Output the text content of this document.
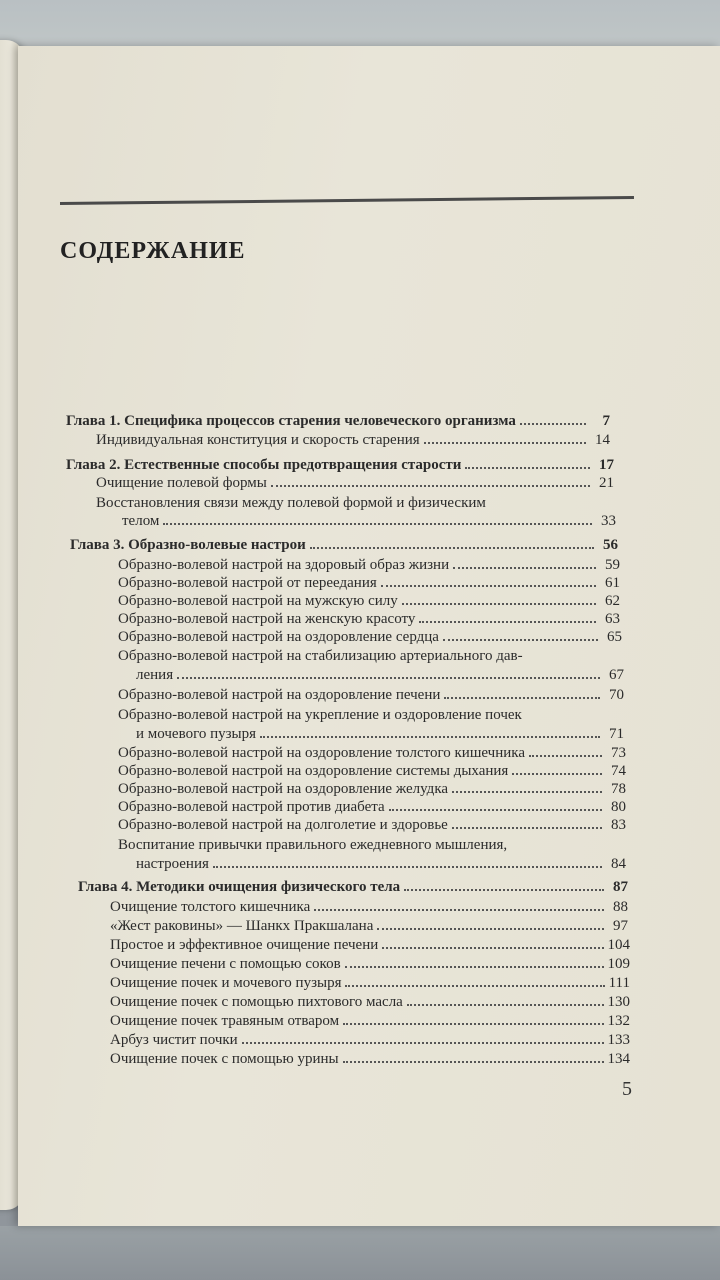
СОДЕРЖАНИЕ
Глава 1. Специфика процессов старения человеческого организма	7
Индивидуальная конституция и скорость старения	14
Глава 2. Естественные способы предотвращения старости	17
Очищение полевой формы	21
Восстановления связи между полевой формой и физическим
телом	33
Глава 3. Образно-волевые настрои	56
Образно-волевой настрой на здоровый образ жизни	59
Образно-волевой настрой от переедания	61
Образно-волевой настрой на мужскую силу	62
Образно-волевой настрой на женскую красоту	63
Образно-волевой настрой на оздоровление сердца	65
Образно-волевой настрой на стабилизацию артериального дав-
ления	67
Образно-волевой настрой на оздоровление печени	70
Образно-волевой настрой на укрепление и оздоровление почек
и мочевого пузыря	71
Образно-волевой настрой на оздоровление толстого кишечника	73
Образно-волевой настрой на оздоровление системы дыхания	74
Образно-волевой настрой на оздоровление желудка	78
Образно-волевой настрой против диабета	80
Образно-волевой настрой на долголетие и здоровье	83
Воспитание привычки правильного ежедневного мышления,
настроения	84
Глава 4. Методики очищения физического тела	87
Очищение толстого кишечника	88
«Жест раковины» — Шанкх Пракшалана	97
Простое и эффективное очищение печени	104
Очищение печени с помощью соков	109
Очищение почек и мочевого пузыря	111
Очищение почек с помощью пихтового масла	130
Очищение почек травяным отваром	132
Арбуз чистит почки	133
Очищение почек с помощью урины	134
5
